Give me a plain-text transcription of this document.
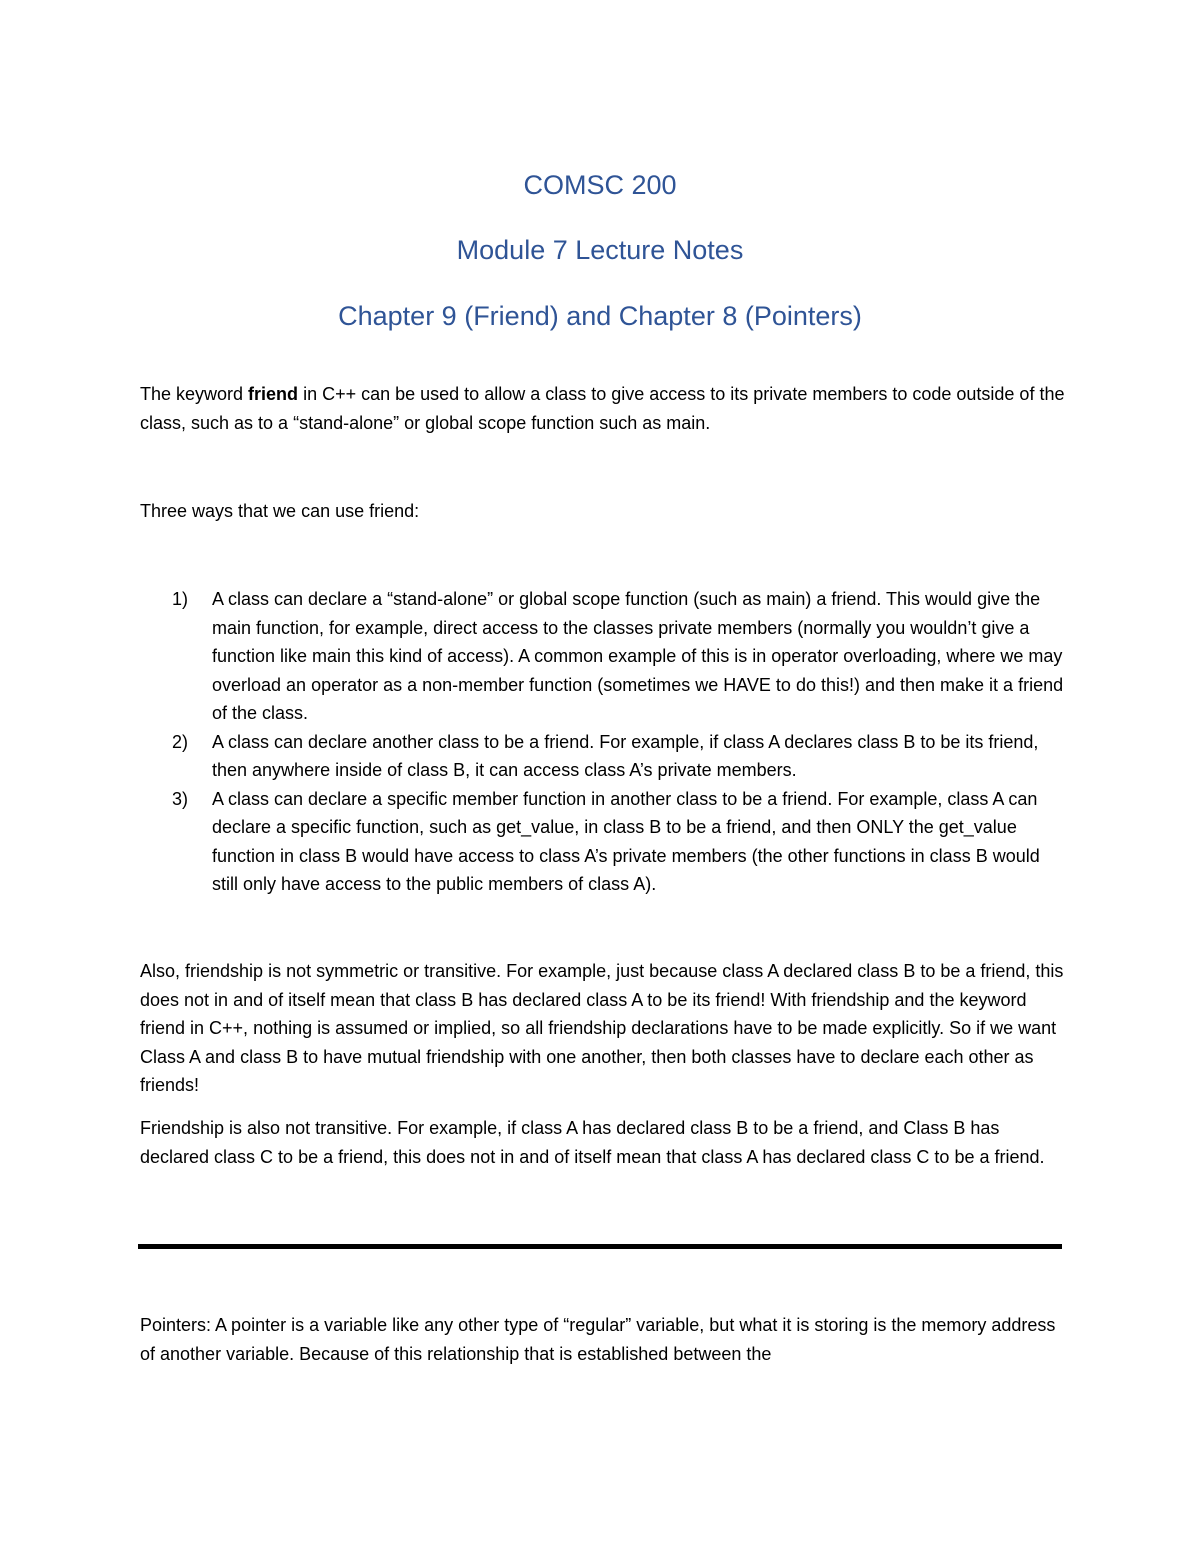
COMSC 200
Module 7 Lecture Notes
Chapter 9 (Friend) and Chapter 8 (Pointers)

The keyword friend in C++ can be used to allow a class to give access to its private members to code outside of the class, such as to a “stand-alone” or global scope function such as main.

Three ways that we can use friend:

1) A class can declare a “stand-alone” or global scope function (such as main) a friend. This would give the main function, for example, direct access to the classes private members (normally you wouldn’t give a function like main this kind of access). A common example of this is in operator overloading, where we may overload an operator as a non-member function (sometimes we HAVE to do this!) and then make it a friend of the class.
2) A class can declare another class to be a friend. For example, if class A declares class B to be its friend, then anywhere inside of class B, it can access class A’s private members.
3) A class can declare a specific member function in another class to be a friend. For example, class A can declare a specific function, such as get_value, in class B to be a friend, and then ONLY the get_value function in class B would have access to class A’s private members (the other functions in class B would still only have access to the public members of class A).

Also, friendship is not symmetric or transitive. For example, just because class A declared class B to be a friend, this does not in and of itself mean that class B has declared class A to be its friend! With friendship and the keyword friend in C++, nothing is assumed or implied, so all friendship declarations have to be made explicitly. So if we want Class A and class B to have mutual friendship with one another, then both classes have to declare each other as friends!

Friendship is also not transitive. For example, if class A has declared class B to be a friend, and Class B has declared class C to be a friend, this does not in and of itself mean that class A has declared class C to be a friend.

Pointers: A pointer is a variable like any other type of “regular” variable, but what it is storing is the memory address of another variable. Because of this relationship that is established between the
